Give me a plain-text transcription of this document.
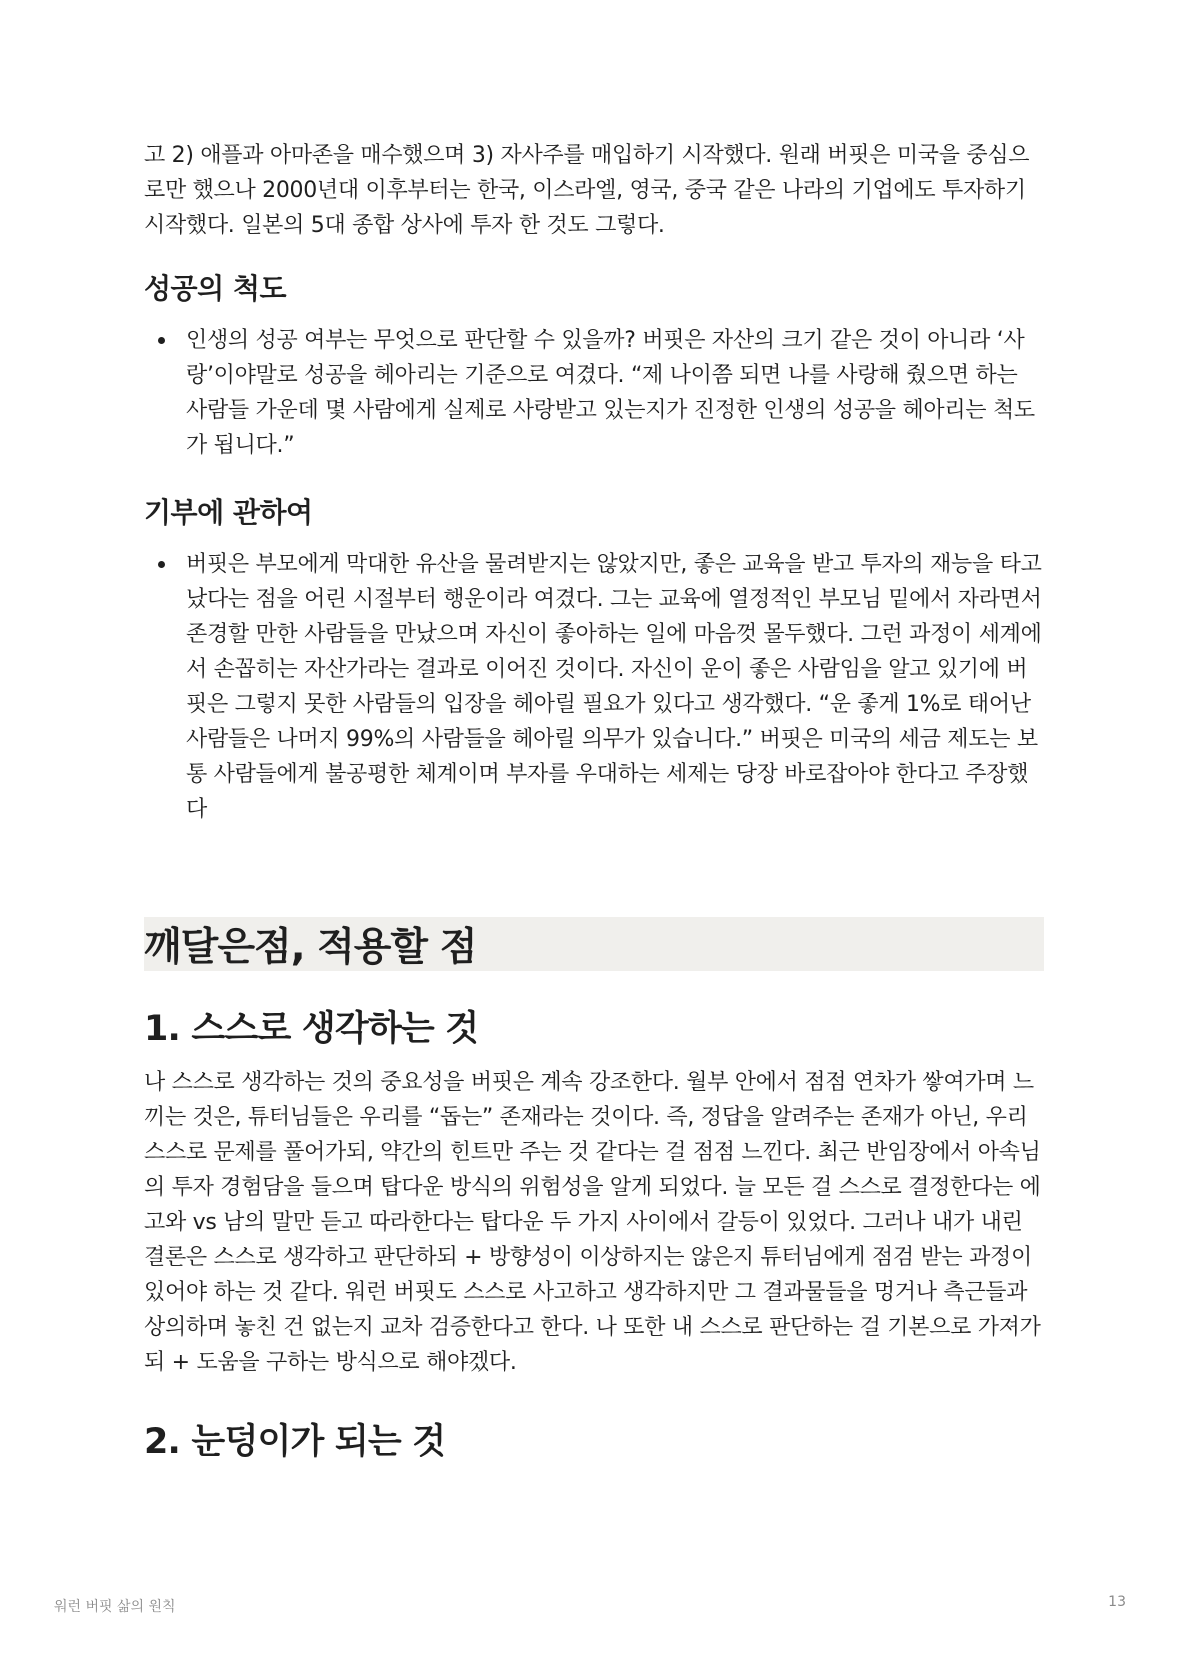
고 2) 애플과 아마존을 매수했으며 3) 자사주를 매입하기 시작했다. 원래 버핏은 미국을 중심으로만 했으나 2000년대 이후부터는 한국, 이스라엘, 영국, 중국 같은 나라의 기업에도 투자하기 시작했다. 일본의 5대 종합 상사에 투자 한 것도 그렇다.

성공의 척도
인생의 성공 여부는 무엇으로 판단할 수 있을까? 버핏은 자산의 크기 같은 것이 아니라 ‘사랑’이야말로 성공을 헤아리는 기준으로 여겼다. “제 나이쯤 되면 나를 사랑해 줬으면 하는 사람들 가운데 몇 사람에게 실제로 사랑받고 있는지가 진정한 인생의 성공을 헤아리는 척도가 됩니다.”
기부에 관하여
버핏은 부모에게 막대한 유산을 물려받지는 않았지만, 좋은 교육을 받고 투자의 재능을 타고났다는 점을 어린 시절부터 행운이라 여겼다. 그는 교육에 열정적인 부모님 밑에서 자라면서 존경할 만한 사람들을 만났으며 자신이 좋아하는 일에 마음껏 몰두했다. 그런 과정이 세계에서 손꼽히는 자산가라는 결과로 이어진 것이다. 자신이 운이 좋은 사람임을 알고 있기에 버핏은 그렇지 못한 사람들의 입장을 헤아릴 필요가 있다고 생각했다. “운 좋게 1%로 태어난 사람들은 나머지 99%의 사람들을 헤아릴 의무가 있습니다.” 버핏은 미국의 세금 제도는 보통 사람들에게 불공평한 체계이며 부자를 우대하는 세제는 당장 바로잡아야 한다고 주장했다
깨달은점, 적용할 점
1. 스스로 생각하는 것

나 스스로 생각하는 것의 중요성을 버핏은 계속 강조한다. 월부 안에서 점점 연차가 쌓여가며 느끼는 것은, 튜터님들은 우리를 “돕는” 존재라는 것이다. 즉, 정답을 알려주는 존재가 아닌, 우리 스스로 문제를 풀어가되, 약간의 힌트만 주는 것 같다는 걸 점점 느낀다. 최근 반임장에서 아속님의 투자 경험담을 들으며 탑다운 방식의 위험성을 알게 되었다. 늘 모든 걸 스스로 결정한다는 에고와 vs 남의 말만 듣고 따라한다는 탑다운 두 가지 사이에서 갈등이 있었다. 그러나 내가 내린 결론은 스스로 생각하고 판단하되 + 방향성이 이상하지는 않은지 튜터님에게 점검 받는 과정이 있어야 하는 것 같다. 워런 버핏도 스스로 사고하고 생각하지만 그 결과물들을 멍거나 측근들과 상의하며 놓친 건 없는지 교차 검증한다고 한다. 나 또한 내 스스로 판단하는 걸 기본으로 가져가되 + 도움을 구하는 방식으로 해야겠다.

2. 눈덩이가 되는 것
워런 버핏 삶의 원칙	13
